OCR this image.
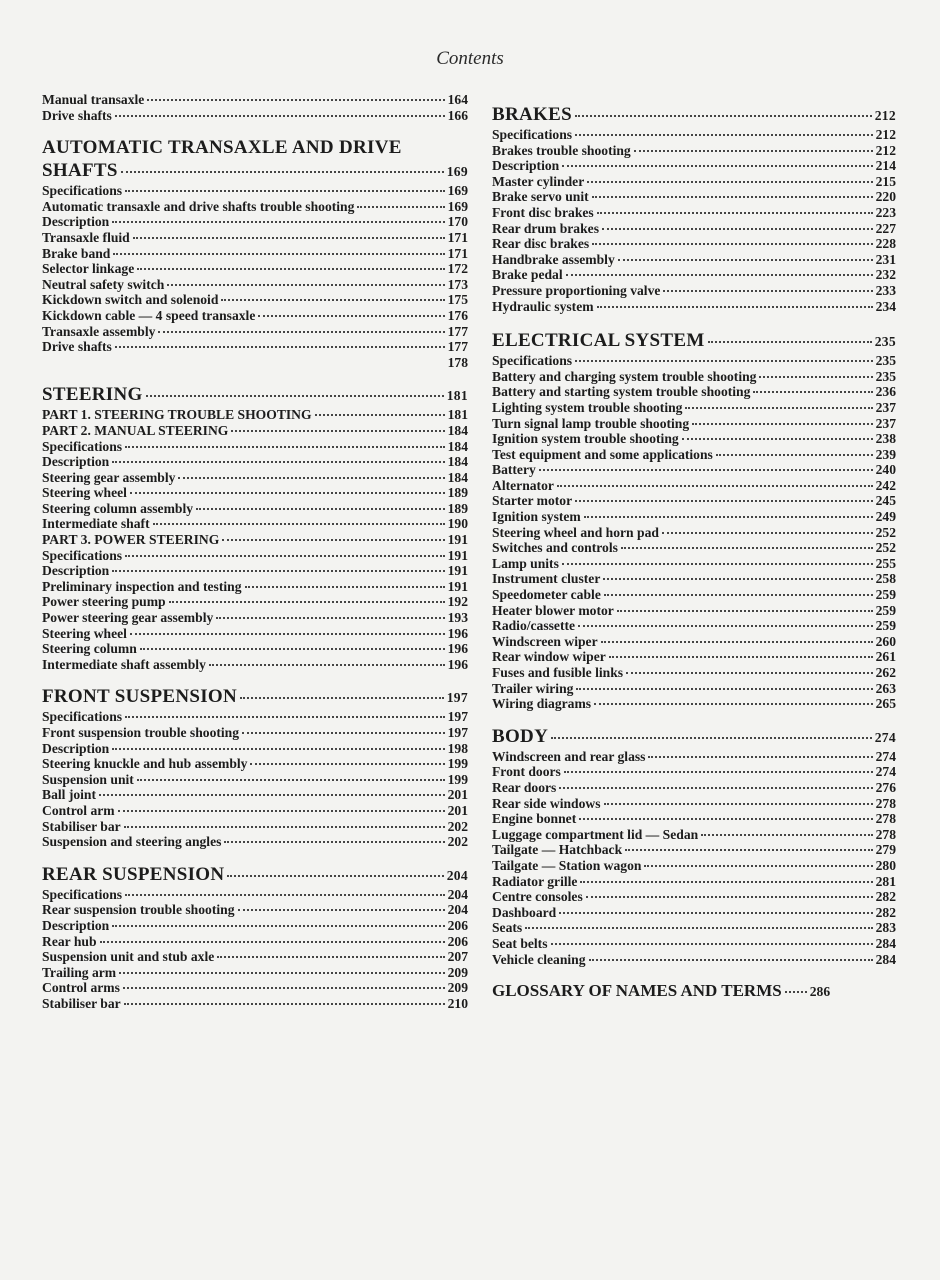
Contents
Manual transaxle	164
Drive shafts	166
AUTOMATIC TRANSAXLE AND DRIVE
SHAFTS	169
Specifications	169
Automatic transaxle and drive shafts trouble shooting	169
Description	170
Transaxle fluid	171
Brake band	171
Selector linkage	172
Neutral safety switch	173
Kickdown switch and solenoid	175
Kickdown cable — 4 speed transaxle	176
Transaxle assembly	177
Drive shafts	177
178
STEERING	181
PART 1. STEERING TROUBLE SHOOTING	181
PART 2. MANUAL STEERING	184
Specifications	184
Description	184
Steering gear assembly	184
Steering wheel	189
Steering column assembly	189
Intermediate shaft	190
PART 3. POWER STEERING	191
Specifications	191
Description	191
Preliminary inspection and testing	191
Power steering pump	192
Power steering gear assembly	193
Steering wheel	196
Steering column	196
Intermediate shaft assembly	196
FRONT SUSPENSION	197
Specifications	197
Front suspension trouble shooting	197
Description	198
Steering knuckle and hub assembly	199
Suspension unit	199
Ball joint	201
Control arm	201
Stabiliser bar	202
Suspension and steering angles	202
REAR SUSPENSION	204
Specifications	204
Rear suspension trouble shooting	204
Description	206
Rear hub	206
Suspension unit and stub axle	207
Trailing arm	209
Control arms	209
Stabiliser bar	210
BRAKES	212
Specifications	212
Brakes trouble shooting	212
Description	214
Master cylinder	215
Brake servo unit	220
Front disc brakes	223
Rear drum brakes	227
Rear disc brakes	228
Handbrake assembly	231
Brake pedal	232
Pressure proportioning valve	233
Hydraulic system	234
ELECTRICAL SYSTEM	235
Specifications	235
Battery and charging system trouble shooting	235
Battery and starting system trouble shooting	236
Lighting system trouble shooting	237
Turn signal lamp trouble shooting	237
Ignition system trouble shooting	238
Test equipment and some applications	239
Battery	240
Alternator	242
Starter motor	245
Ignition system	249
Steering wheel and horn pad	252
Switches and controls	252
Lamp units	255
Instrument cluster	258
Speedometer cable	259
Heater blower motor	259
Radio/cassette	259
Windscreen wiper	260
Rear window wiper	261
Fuses and fusible links	262
Trailer wiring	263
Wiring diagrams	265
BODY	274
Windscreen and rear glass	274
Front doors	274
Rear doors	276
Rear side windows	278
Engine bonnet	278
Luggage compartment lid — Sedan	278
Tailgate — Hatchback	279
Tailgate — Station wagon	280
Radiator grille	281
Centre consoles	282
Dashboard	282
Seats	283
Seat belts	284
Vehicle cleaning	284
GLOSSARY OF NAMES AND TERMS 286
